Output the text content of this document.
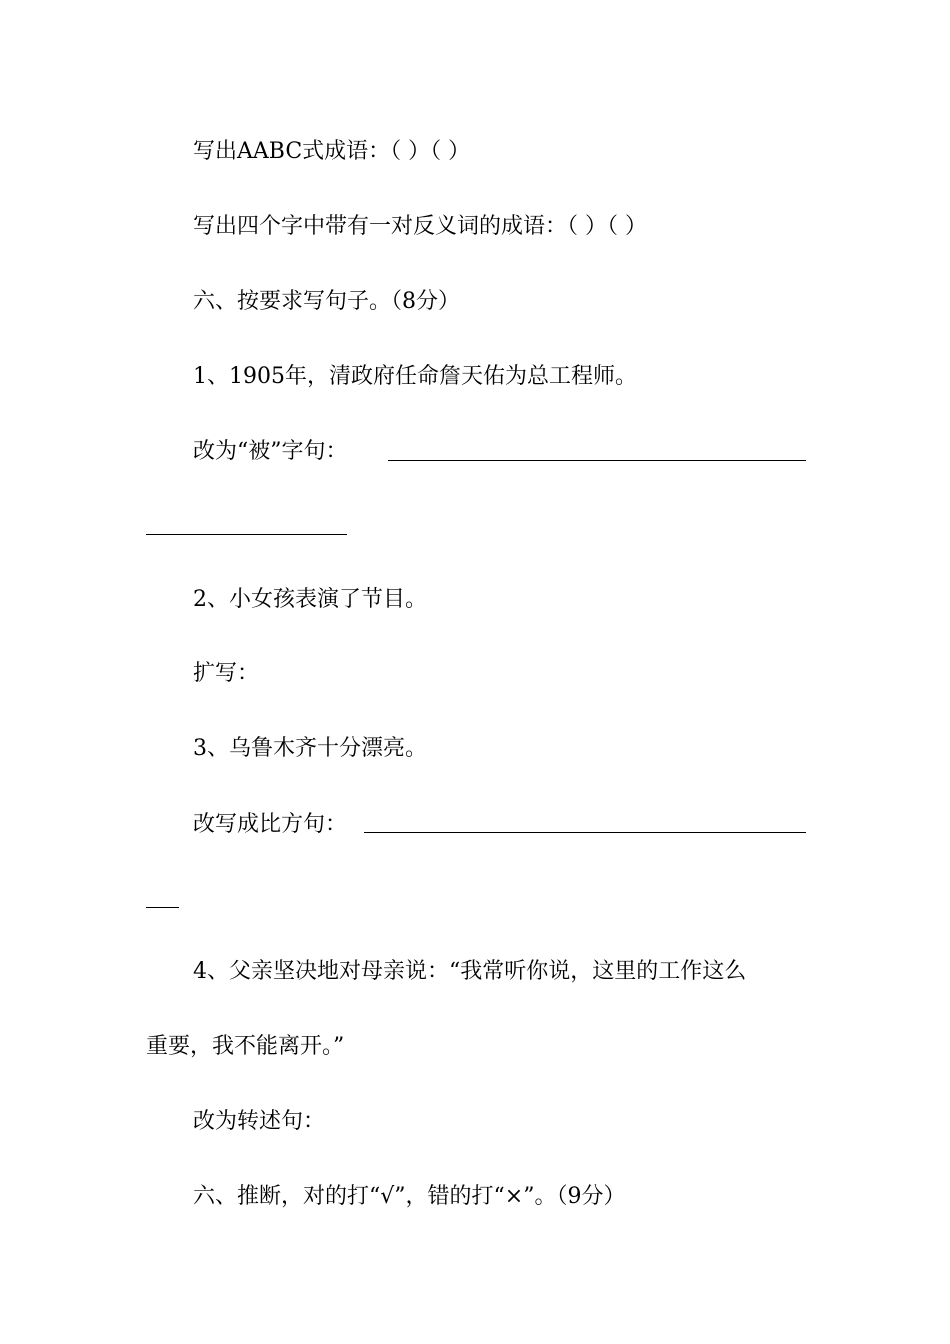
写出AABC式成语：（ ）（ ）
写出四个字中带有一对反义词的成语：（ ）（ ）
六、按要求写句子。（8分）
1、1905年，清政府任命詹天佑为总工程师。
改为“被”字句：
2、小女孩表演了节目。
扩写：
3、乌鲁木齐十分漂亮。
改写成比方句：
4、父亲坚决地对母亲说：“我常听你说，这里的工作这么
重要，我不能离开。”
改为转述句：
六、推断，对的打“√”，错的打“×”。（9分）
